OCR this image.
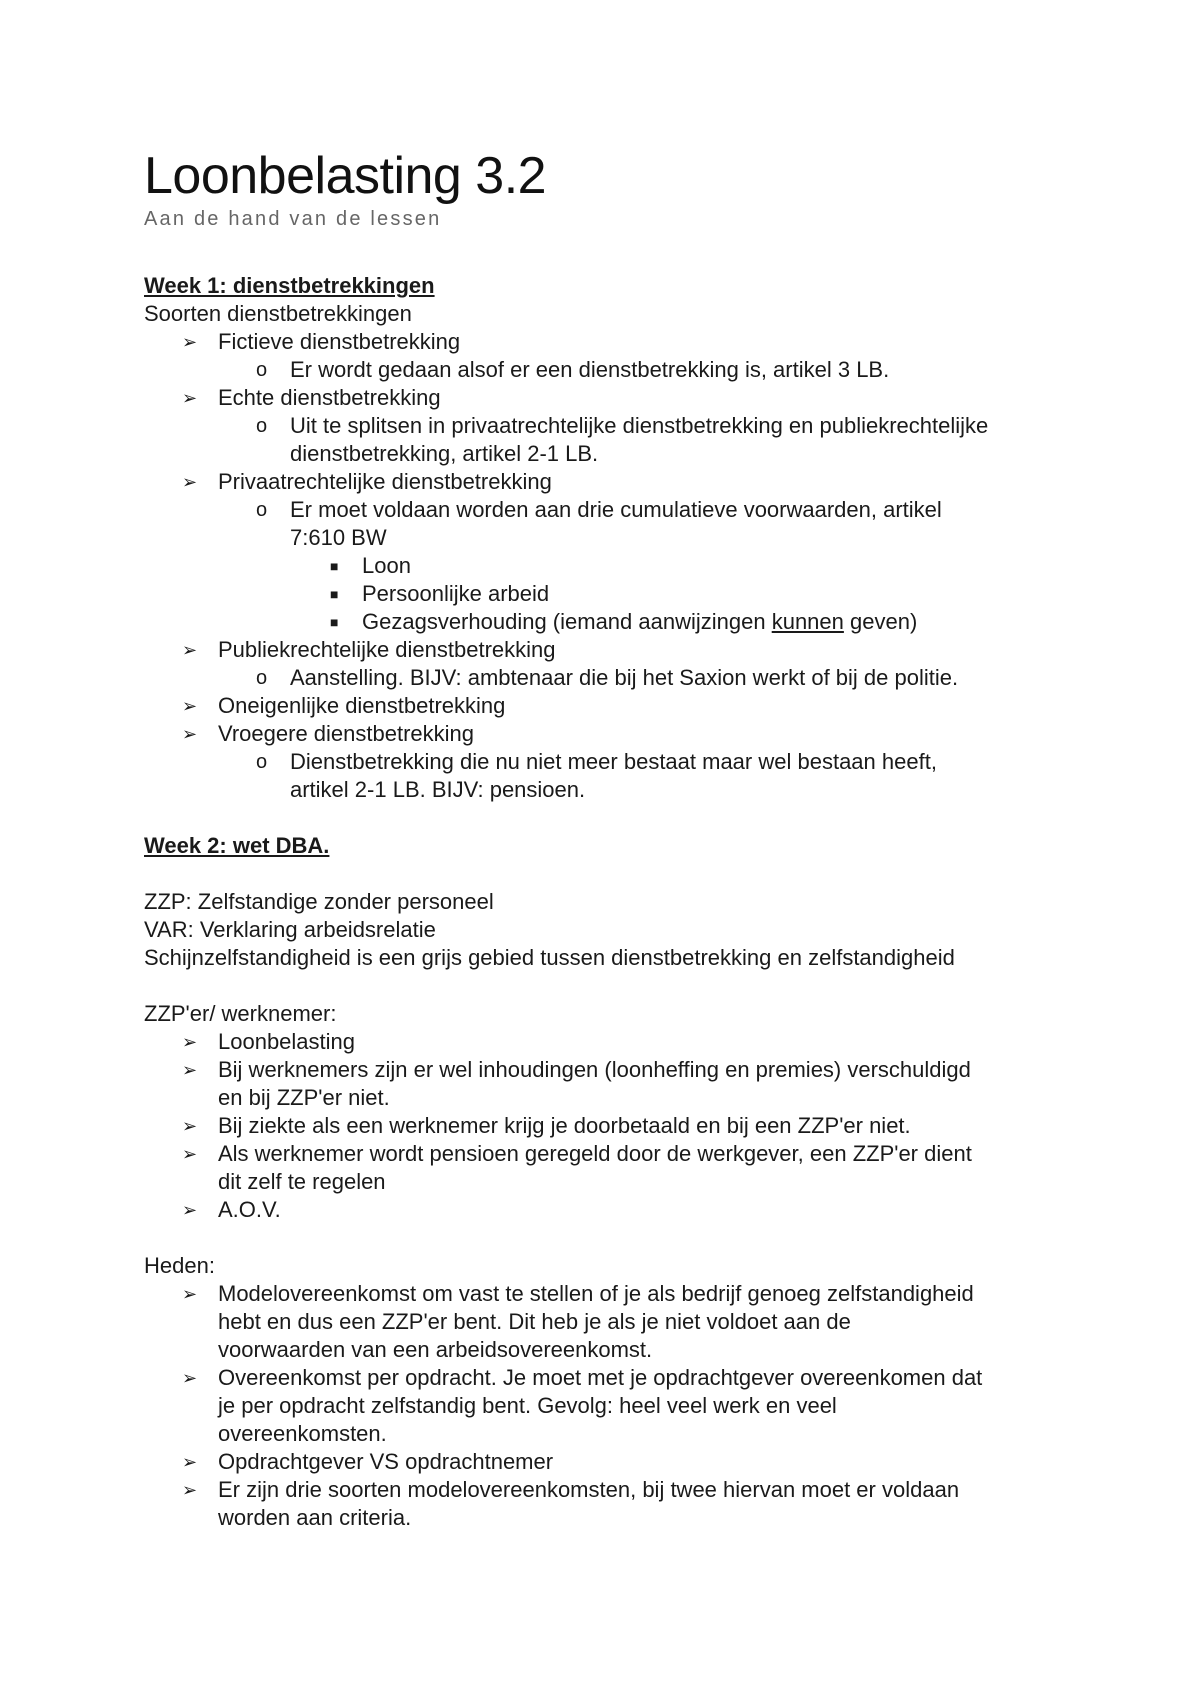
Loonbelasting 3.2

Aan de hand van de lessen

Week 1: dienstbetrekkingen

Soorten dienstbetrekkingen

➢ Fictieve dienstbetrekking
o Er wordt gedaan alsof er een dienstbetrekking is, artikel 3 LB.
➢ Echte dienstbetrekking
o Uit te splitsen in privaatrechtelijke dienstbetrekking en publiekrechtelijke
dienstbetrekking, artikel 2-1 LB.
➢ Privaatrechtelijke dienstbetrekking
o Er moet voldaan worden aan drie cumulatieve voorwaarden, artikel
7:610 BW
■ Loon
■ Persoonlijke arbeid
■ Gezagsverhouding (iemand aanwijzingen kunnen geven)
➢ Publiekrechtelijke dienstbetrekking
o Aanstelling. BIJV: ambtenaar die bij het Saxion werkt of bij de politie.
➢ Oneigenlijke dienstbetrekking
➢ Vroegere dienstbetrekking
o Dienstbetrekking die nu niet meer bestaat maar wel bestaan heeft,
artikel 2-1 LB. BIJV: pensioen.

Week 2: wet DBA.

ZZP: Zelfstandige zonder personeel

VAR: Verklaring arbeidsrelatie

Schijnzelfstandigheid is een grijs gebied tussen dienstbetrekking en zelfstandigheid

ZZP'er/ werknemer:

➢ Loonbelasting
➢ Bij werknemers zijn er wel inhoudingen (loonheffing en premies) verschuldigd
en bij ZZP'er niet.
➢ Bij ziekte als een werknemer krijg je doorbetaald en bij een ZZP'er niet.
➢ Als werknemer wordt pensioen geregeld door de werkgever, een ZZP'er dient
dit zelf te regelen
➢ A.O.V.

Heden:

➢ Modelovereenkomst om vast te stellen of je als bedrijf genoeg zelfstandigheid
hebt en dus een ZZP'er bent. Dit heb je als je niet voldoet aan de
voorwaarden van een arbeidsovereenkomst.
➢ Overeenkomst per opdracht. Je moet met je opdrachtgever overeenkomen dat
je per opdracht zelfstandig bent. Gevolg: heel veel werk en veel
overeenkomsten.
➢ Opdrachtgever VS opdrachtnemer
➢ Er zijn drie soorten modelovereenkomsten, bij twee hiervan moet er voldaan
worden aan criteria.
